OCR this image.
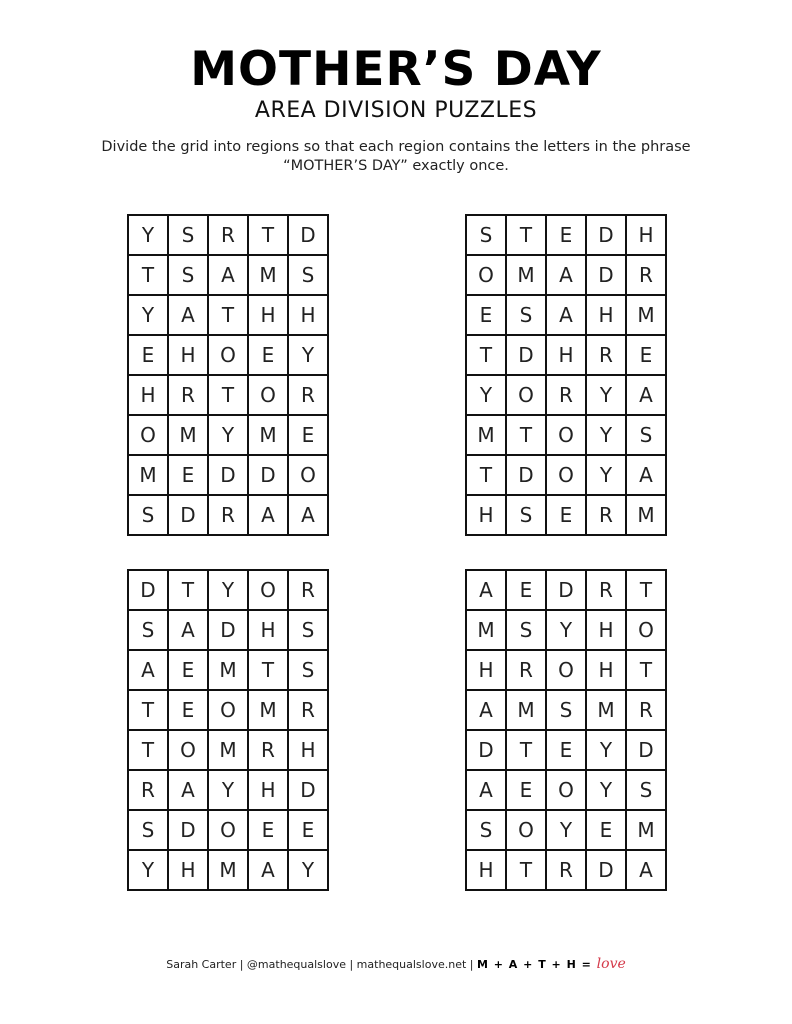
MOTHER’S DAY
AREA DIVISION PUZZLES
Divide the grid into regions so that each region contains the letters in the phrase “MOTHER’S DAY” exactly once.
Y	S	R	T	D
T	S	A	M	S
Y	A	T	H	H
E	H	O	E	Y
H	R	T	O	R
O	M	Y	M	E
M	E	D	D	O
S	D	R	A	A
S	T	E	D	H
O	M	A	D	R
E	S	A	H	M
T	D	H	R	E
Y	O	R	Y	A
M	T	O	Y	S
T	D	O	Y	A
H	S	E	R	M
D	T	Y	O	R
S	A	D	H	S
A	E	M	T	S
T	E	O	M	R
T	O	M	R	H
R	A	Y	H	D
S	D	O	E	E
Y	H	M	A	Y
A	E	D	R	T
M	S	Y	H	O
H	R	O	H	T
A	M	S	M	R
D	T	E	Y	D
A	E	O	Y	S
S	O	Y	E	M
H	T	R	D	A
Sarah Carter | @mathequalslove | mathequalslove.net | M + A + T + H = love
